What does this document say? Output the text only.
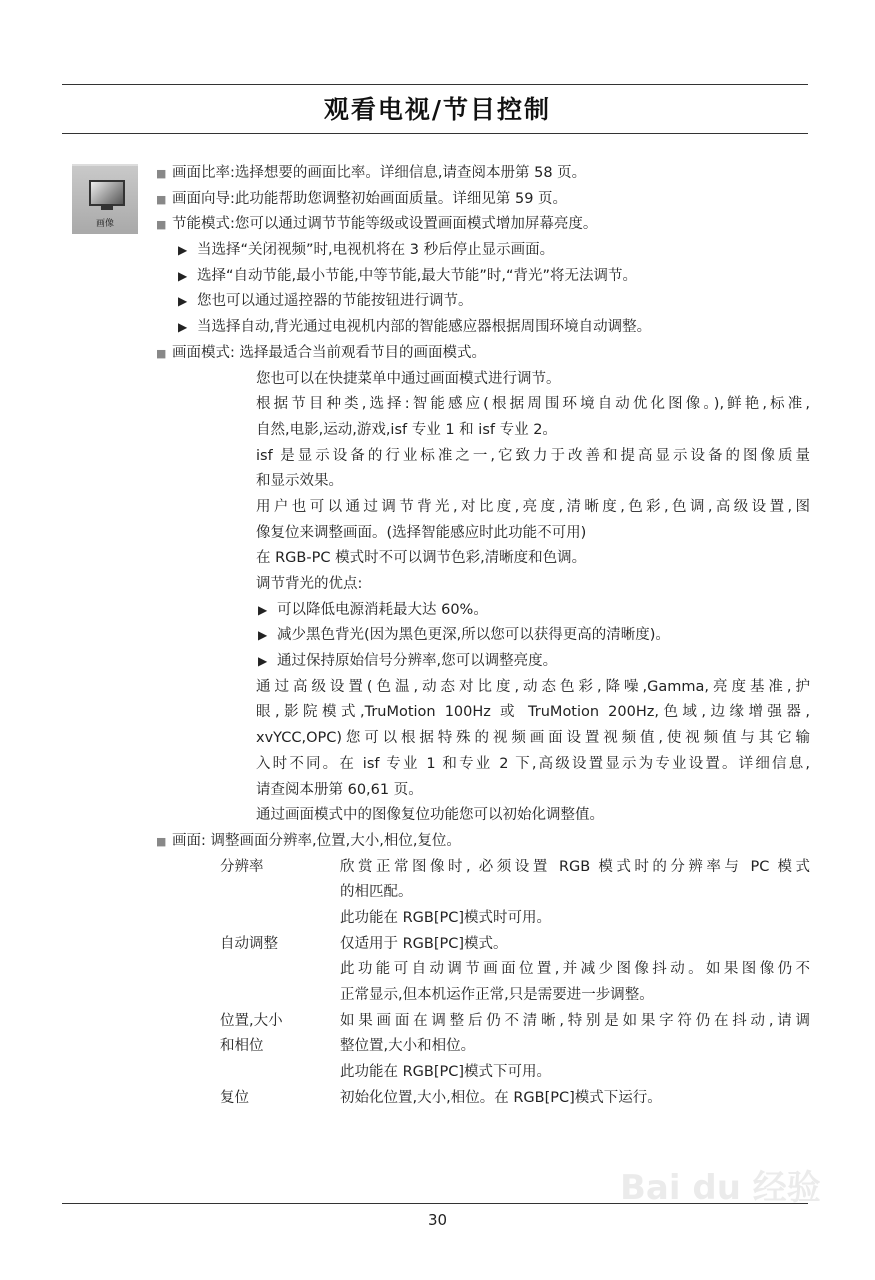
观看电视/节目控制
画像
■ 画面比率:选择想要的画面比率。详细信息,请查阅本册第 58 页。
■ 画面向导:此功能帮助您调整初始画面质量。详细见第 59 页。
■ 节能模式:您可以通过调节节能等级或设置画面模式增加屏幕亮度。
▶ 当选择“关闭视频”时,电视机将在 3 秒后停止显示画面。
▶ 选择“自动节能,最小节能,中等节能,最大节能”时,“背光”将无法调节。
▶ 您也可以通过遥控器的节能按钮进行调节。
▶ 当选择自动,背光通过电视机内部的智能感应器根据周围环境自动调整。
■ 画面模式: 选择最适合当前观看节目的画面模式。
您也可以在快捷菜单中通过画面模式进行调节。
根据节目种类,选择:智能感应(根据周围环境自动优化图像。),鲜艳,标准,
自然,电影,运动,游戏,isf 专业 1 和 isf 专业 2。
isf 是显示设备的行业标准之一,它致力于改善和提高显示设备的图像质量
和显示效果。
用户也可以通过调节背光,对比度,亮度,清晰度,色彩,色调,高级设置,图
像复位来调整画面。(选择智能感应时此功能不可用)
在 RGB-PC 模式时不可以调节色彩,清晰度和色调。
调节背光的优点:
▶ 可以降低电源消耗最大达 60%。
▶ 减少黑色背光(因为黑色更深,所以您可以获得更高的清晰度)。
▶ 通过保持原始信号分辨率,您可以调整亮度。
通过高级设置(色温,动态对比度,动态色彩,降噪,Gamma,亮度基准,护
眼,影院模式,TruMotion 100Hz 或 TruMotion 200Hz,色域,边缘增强器,
xvYCC,OPC)您可以根据特殊的视频画面设置视频值,使视频值与其它输
入时不同。在 isf 专业 1 和专业 2 下,高级设置显示为专业设置。详细信息,
请查阅本册第 60,61 页。
通过画面模式中的图像复位功能您可以初始化调整值。
■ 画面: 调整画面分辨率,位置,大小,相位,复位。
分辨率	欣赏正常图像时, 必须设置 RGB 模式时的分辨率与 PC 模式
的相匹配。
此功能在 RGB[PC]模式时可用。
自动调整	仅适用于 RGB[PC]模式。
此功能可自动调节画面位置,并减少图像抖动。如果图像仍不
正常显示,但本机运作正常,只是需要进一步调整。
位置,大小	如果画面在调整后仍不清晰,特别是如果字符仍在抖动,请调
和相位	整位置,大小和相位。
此功能在 RGB[PC]模式下可用。
复位	初始化位置,大小,相位。在 RGB[PC]模式下运行。
Bai du 经验
30
